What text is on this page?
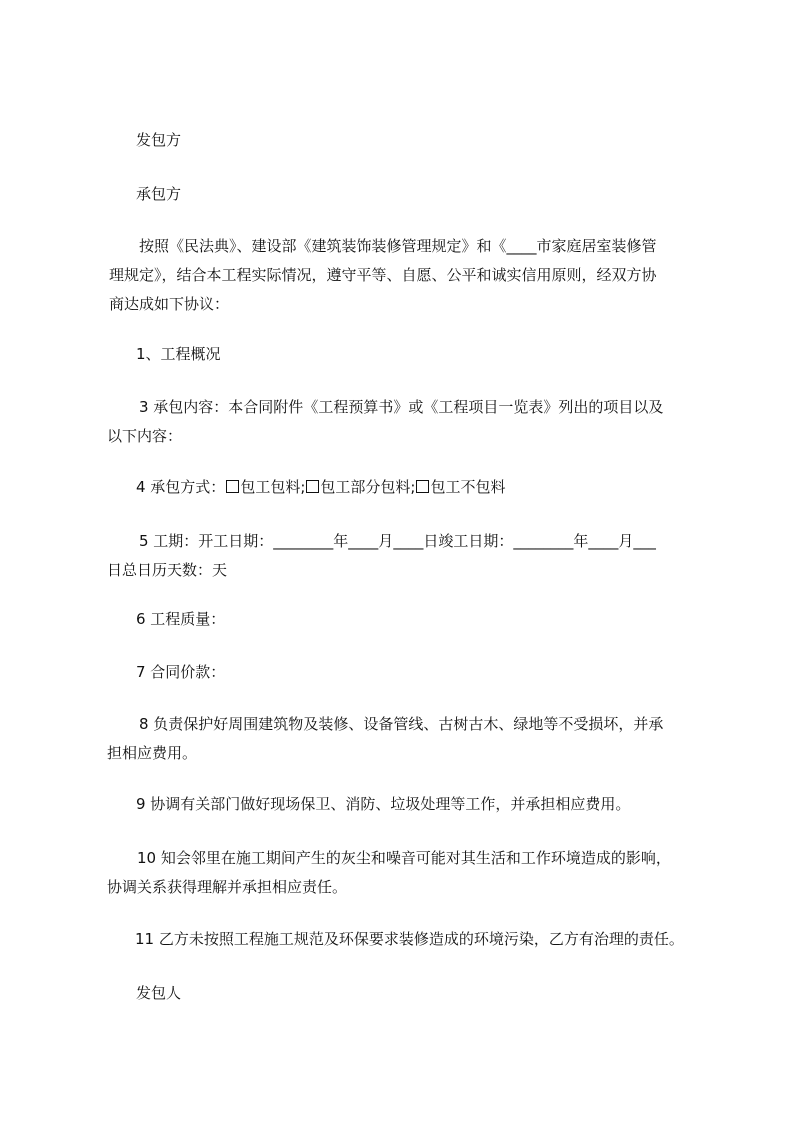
发包方

承包方

按照《民法典》、建设部《建筑装饰装修管理规定》和《____市家庭居室装修管
理规定》，结合本工程实际情况，遵守平等、自愿、公平和诚实信用原则，经双方协
商达成如下协议：

1、工程概况

3 承包内容：本合同附件《工程预算书》或《工程项目一览表》列出的项目以及
以下内容：

4 承包方式： 包工包料; 包工部分包料; 包工不包料

5 工期：开工日期：________年____月____日竣工日期：________年____月___
日总日历天数：天

6 工程质量：

7 合同价款：

8 负责保护好周围建筑物及装修、设备管线、古树古木、绿地等不受损坏，并承
担相应费用。

9 协调有关部门做好现场保卫、消防、垃圾处理等工作，并承担相应费用。

10 知会邻里在施工期间产生的灰尘和噪音可能对其生活和工作环境造成的影响，
协调关系获得理解并承担相应责任。

11 乙方未按照工程施工规范及环保要求装修造成的环境污染，乙方有治理的责任。

发包人
